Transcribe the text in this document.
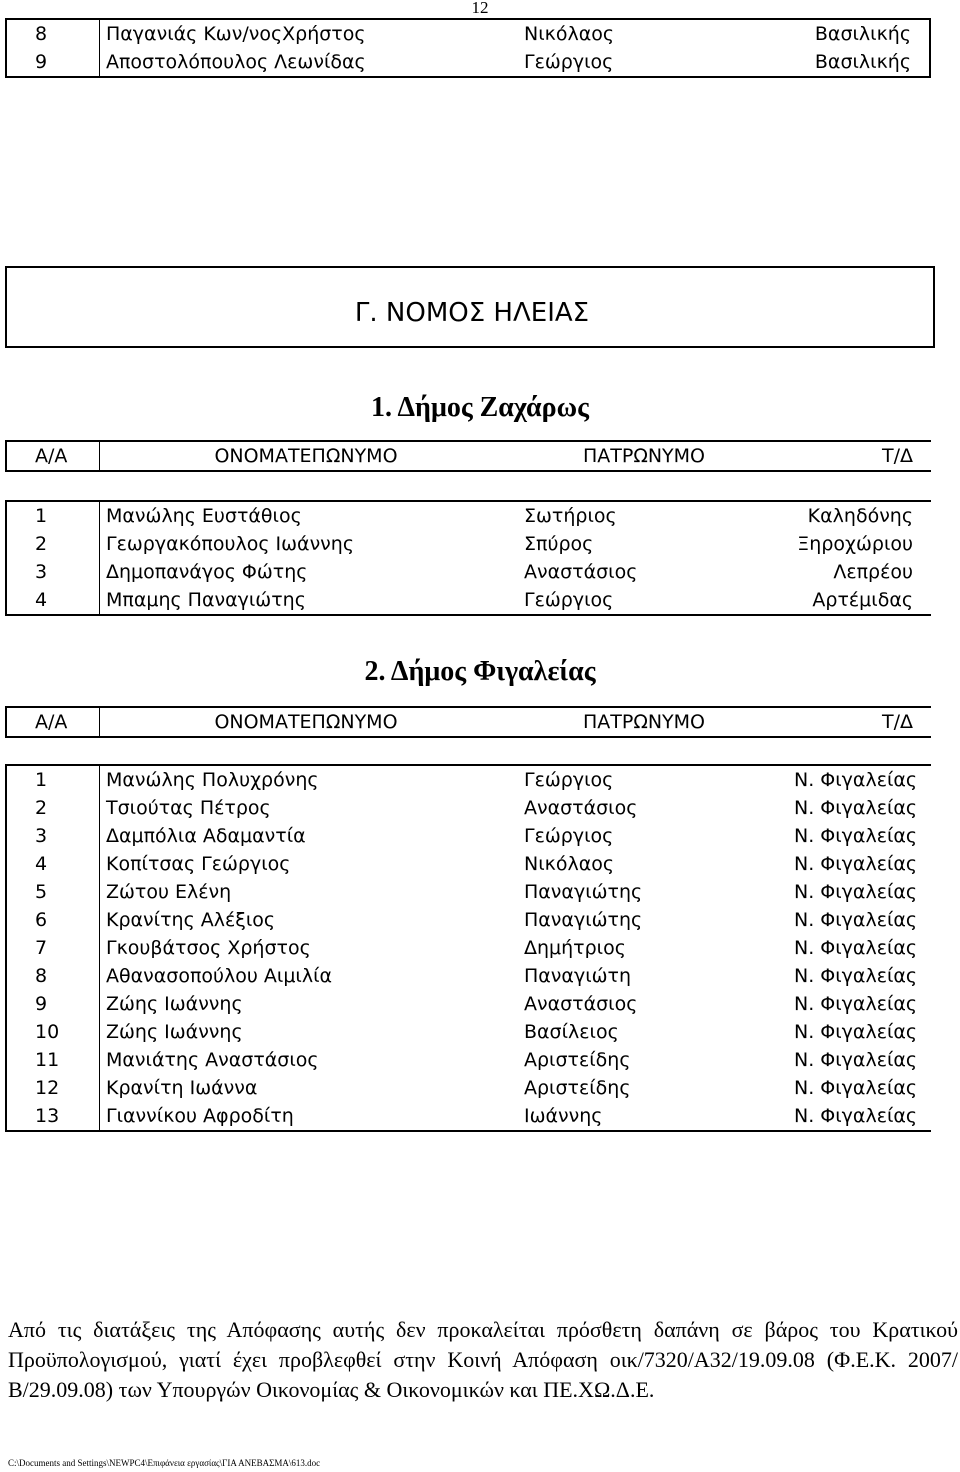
12
8	Παγανιάς Κων/νοςΧρήστος	Νικόλαος	Βασιλικής
9	Αποστολόπουλος Λεωνίδας	Γεώργιος	Βασιλικής
Γ. ΝΟΜΟΣ ΗΛΕΙΑΣ
1. Δήμος Ζαχάρως
Α/Α	ΟΝΟΜΑΤΕΠΩΝΥΜΟ	ΠΑΤΡΩΝΥΜΟ	Τ/Δ
1	Μανώλης Ευστάθιος	Σωτήριος	Καληδόνης
2	Γεωργακόπουλος Ιωάννης	Σπύρος	Ξηροχώριου
3	Δημοπανάγος Φώτης	Αναστάσιος	Λεπρέου
4	Μπαμης Παναγιώτης	Γεώργιος	Αρτέμιδας
2. Δήμος Φιγαλείας
Α/Α	ΟΝΟΜΑΤΕΠΩΝΥΜΟ	ΠΑΤΡΩΝΥΜΟ	Τ/Δ
1	Μανώλης Πολυχρόνης	Γεώργιος	Ν. Φιγαλείας
2	Τσιούτας Πέτρος	Αναστάσιος	Ν. Φιγαλείας
3	Δαμπόλια Αδαμαντία	Γεώργιος	Ν. Φιγαλείας
4	Κοπίτσας Γεώργιος	Νικόλαος	Ν. Φιγαλείας
5	Ζώτου Ελένη	Παναγιώτης	Ν. Φιγαλείας
6	Κρανίτης Αλέξιος	Παναγιώτης	Ν. Φιγαλείας
7	Γκουβάτσος Χρήστος	Δημήτριος	Ν. Φιγαλείας
8	Αθανασοπούλου Αιμιλία	Παναγιώτη	Ν. Φιγαλείας
9	Ζώης Ιωάννης	Αναστάσιος	Ν. Φιγαλείας
10	Ζώης Ιωάννης	Βασίλειος	Ν. Φιγαλείας
11	Μανιάτης Αναστάσιος	Αριστείδης	Ν. Φιγαλείας
12	Κρανίτη Ιωάννα	Αριστείδης	Ν. Φιγαλείας
13	Γιαννίκου Αφροδίτη	Ιωάννης	Ν. Φιγαλείας
Από τις διατάξεις της Απόφασης αυτής δεν προκαλείται πρόσθετη δαπάνη σε βάρος του Κρατικού Προϋπολογισμού, γιατί έχει προβλεφθεί στην Κοινή Απόφαση οικ/7320/Α32/19.09.08 (Φ.Ε.Κ. 2007/Β/29.09.08) των Υπουργών Οικονομίας & Οικονομικών και ΠΕ.ΧΩ.Δ.Ε.
C:\Documents and Settings\NEWPC4\Επιφάνεια εργασίας\ΓΙΑ ΑΝΕΒΑΣΜΑ\613.doc
